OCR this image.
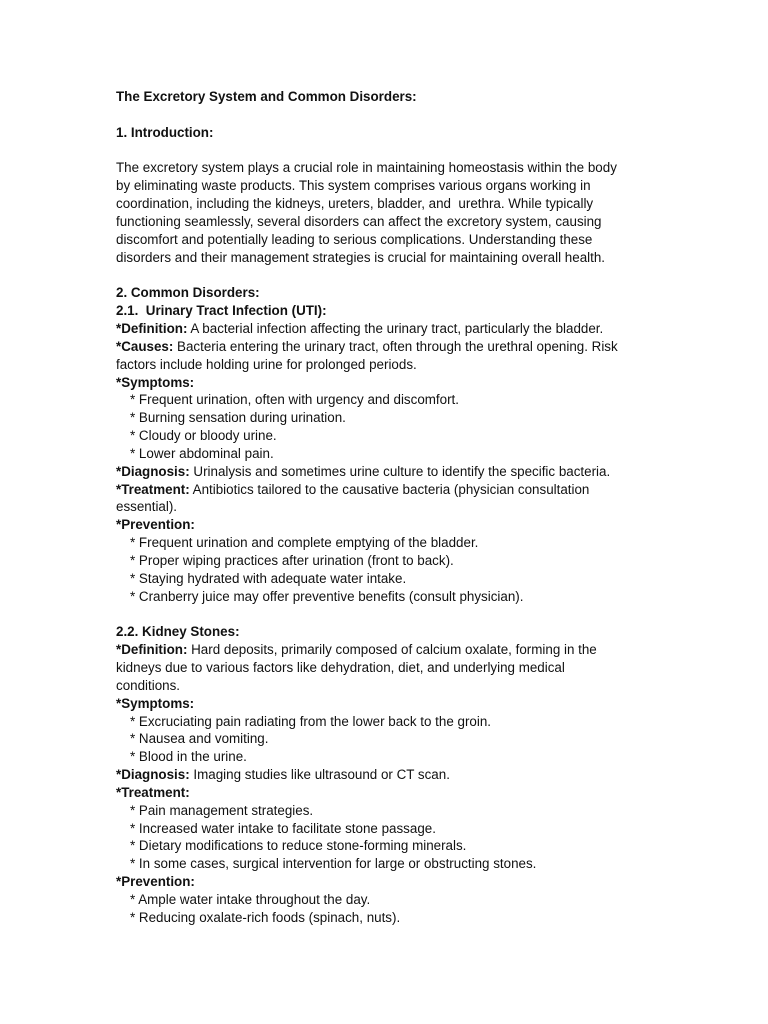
The Excretory System and Common Disorders:
1. Introduction:
The excretory system plays a crucial role in maintaining homeostasis within the body
by eliminating waste products. This system comprises various organs working in
coordination, including the kidneys, ureters, bladder, and  urethra. While typically
functioning seamlessly, several disorders can affect the excretory system, causing
discomfort and potentially leading to serious complications. Understanding these
disorders and their management strategies is crucial for maintaining overall health.
2. Common Disorders:
2.1.  Urinary Tract Infection (UTI):
*Definition: A bacterial infection affecting the urinary tract, particularly the bladder.
*Causes: Bacteria entering the urinary tract, often through the urethral opening. Risk
factors include holding urine for prolonged periods.
*Symptoms:
* Frequent urination, often with urgency and discomfort.
* Burning sensation during urination.
* Cloudy or bloody urine.
* Lower abdominal pain.
*Diagnosis: Urinalysis and sometimes urine culture to identify the specific bacteria.
*Treatment: Antibiotics tailored to the causative bacteria (physician consultation
essential).
*Prevention:
* Frequent urination and complete emptying of the bladder.
* Proper wiping practices after urination (front to back).
* Staying hydrated with adequate water intake.
* Cranberry juice may offer preventive benefits (consult physician).
2.2. Kidney Stones:
*Definition: Hard deposits, primarily composed of calcium oxalate, forming in the
kidneys due to various factors like dehydration, diet, and underlying medical
conditions.
*Symptoms:
* Excruciating pain radiating from the lower back to the groin.
* Nausea and vomiting.
* Blood in the urine.
*Diagnosis: Imaging studies like ultrasound or CT scan.
*Treatment:
* Pain management strategies.
* Increased water intake to facilitate stone passage.
* Dietary modifications to reduce stone-forming minerals.
* In some cases, surgical intervention for large or obstructing stones.
*Prevention:
* Ample water intake throughout the day.
* Reducing oxalate-rich foods (spinach, nuts).
